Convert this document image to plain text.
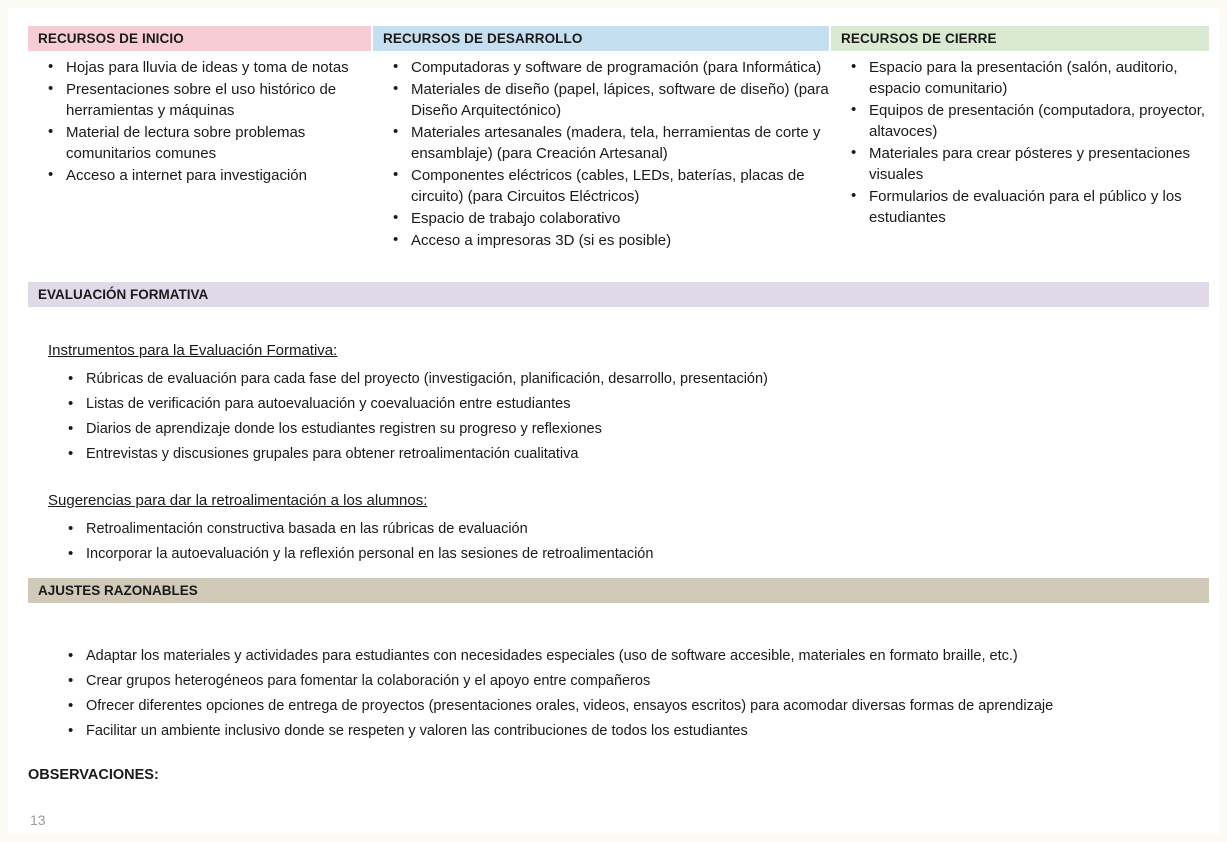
RECURSOS DE INICIO
• Hojas para lluvia de ideas y toma de notas
• Presentaciones sobre el uso histórico de herramientas y máquinas
• Material de lectura sobre problemas comunitarios comunes
• Acceso a internet para investigación
RECURSOS DE DESARROLLO
• Computadoras y software de programación (para Informática)
• Materiales de diseño (papel, lápices, software de diseño) (para Diseño Arquitectónico)
• Materiales artesanales (madera, tela, herramientas de corte y ensamblaje) (para Creación Artesanal)
• Componentes eléctricos (cables, LEDs, baterías, placas de circuito) (para Circuitos Eléctricos)
• Espacio de trabajo colaborativo
• Acceso a impresoras 3D (si es posible)
RECURSOS DE CIERRE
• Espacio para la presentación (salón, auditorio, espacio comunitario)
• Equipos de presentación (computadora, proyector, altavoces)
• Materiales para crear pósteres y presentaciones visuales
• Formularios de evaluación para el público y los estudiantes
EVALUACIÓN FORMATIVA
Instrumentos para la Evaluación Formativa:
• Rúbricas de evaluación para cada fase del proyecto (investigación, planificación, desarrollo, presentación)
• Listas de verificación para autoevaluación y coevaluación entre estudiantes
• Diarios de aprendizaje donde los estudiantes registren su progreso y reflexiones
• Entrevistas y discusiones grupales para obtener retroalimentación cualitativa
Sugerencias para dar la retroalimentación a los alumnos:
• Retroalimentación constructiva basada en las rúbricas de evaluación
• Incorporar la autoevaluación y la reflexión personal en las sesiones de retroalimentación
AJUSTES RAZONABLES
• Adaptar los materiales y actividades para estudiantes con necesidades especiales (uso de software accesible, materiales en formato braille, etc.)
• Crear grupos heterogéneos para fomentar la colaboración y el apoyo entre compañeros
• Ofrecer diferentes opciones de entrega de proyectos (presentaciones orales, videos, ensayos escritos) para acomodar diversas formas de aprendizaje
• Facilitar un ambiente inclusivo donde se respeten y valoren las contribuciones de todos los estudiantes
OBSERVACIONES:
13
